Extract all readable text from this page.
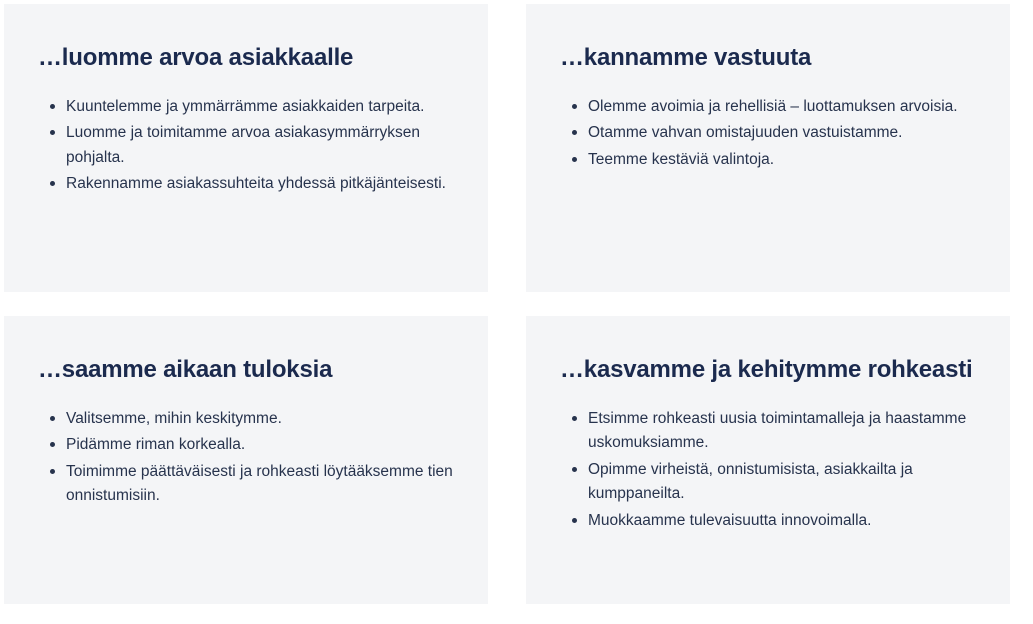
…luomme arvoa asiakkaalle
Kuuntelemme ja ymmärrämme asiakkaiden tarpeita.
Luomme ja toimitamme arvoa asiakasymmärryksen pohjalta.
Rakennamme asiakassuhteita yhdessä pitkäjänteisesti.
…kannamme vastuuta
Olemme avoimia ja rehellisiä – luottamuksen arvoisia.
Otamme vahvan omistajuuden vastuistamme.
Teemme kestäviä valintoja.
…saamme aikaan tuloksia
Valitsemme, mihin keskitymme.
Pidämme riman korkealla.
Toimimme päättäväisesti ja rohkeasti löytääksemme tien onnistumisiin.
…kasvamme ja kehitymme rohkeasti
Etsimme rohkeasti uusia toimintamalleja ja haastamme uskomuksiamme.
Opimme virheistä, onnistumisista, asiakkailta ja kumppaneilta.
Muokkaamme tulevaisuutta innovoimalla.
